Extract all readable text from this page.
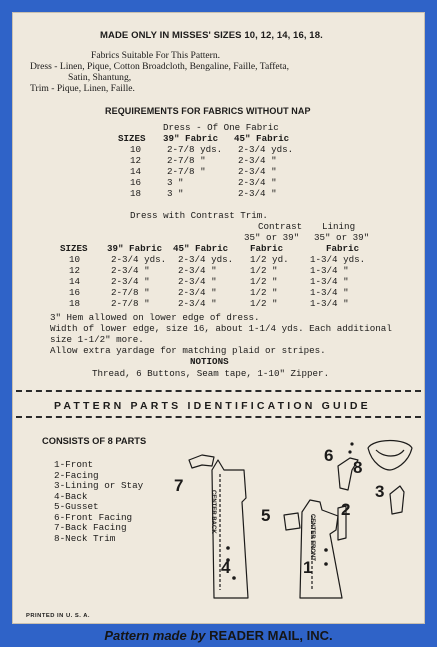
MADE ONLY IN MISSES' SIZES 10, 12, 14, 16, 18.
Fabrics Suitable For This Pattern.
Dress - Linen, Pique, Cotton Broadcloth, Bengaline, Faille, Taffeta,
Satin, Shantung,
Trim - Pique, Linen, Faille.
REQUIREMENTS FOR FABRICS WITHOUT NAP
Dress - Of One Fabric
SIZES 39" Fabric 45" Fabric
10	2-7/8 yds. 2-3/4 yds.
12	2-7/8 "	2-3/4 "
14	2-7/8 "	2-3/4 "
16	3 "	2-3/4 "
18	3 "	2-3/4 "
Dress with Contrast Trim.
Contrast Lining
35" or 39" 35" or 39"
SIZES 39" Fabric 45" Fabric Fabric	Fabric
10	2-3/4 yds. 2-3/4 yds. 1/2 yd. 1-3/4 yds.
12	2-3/4 "	2-3/4 "	1/2 "	1-3/4 "
14	2-3/4 "	2-3/4 "	1/2 "	1-3/4 "
16	2-7/8 "	2-3/4 "	1/2 "	1-3/4 "
18	2-7/8 "	2-3/4 "	1/2 "	1-3/4 "
3" Hem allowed on lower edge of dress.
Width of lower edge, size 16, about 1-1/4 yds. Each additional
size 1-1/2" more.
Allow extra yardage for matching plaid or stripes.
NOTIONS
Thread, 6 Buttons, Seam tape, 1-10" Zipper.
PATTERN PARTS IDENTIFICATION GUIDE
CONSISTS OF 8 PARTS
1-Front
2-Facing
3-Lining or Stay
4-Back
5-Gusset
6-Front Facing
7-Back Facing
8-Neck Trim
CENTER BACK
CENTER FRONT
7
4
5
1
2
6
8
3
PRINTED IN U. S. A.
Pattern made by READER MAIL, INC.
